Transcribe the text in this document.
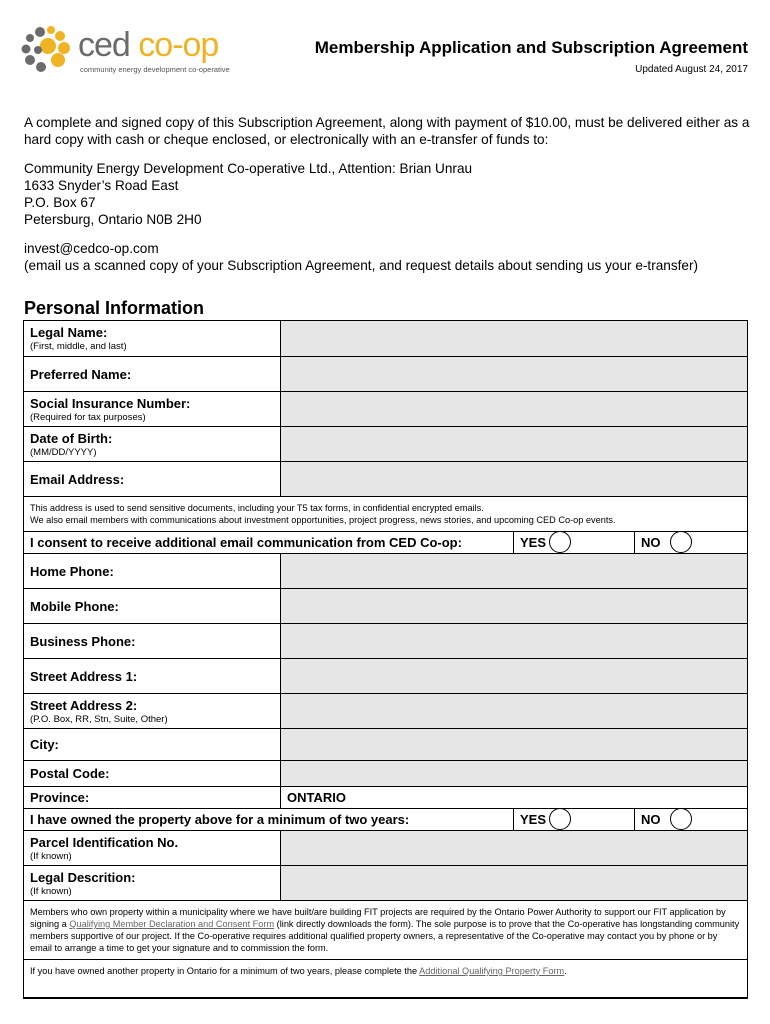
ced co-op
community energy development co-operative
Membership Application and Subscription Agreement
Updated August 24, 2017

A complete and signed copy of this Subscription Agreement, along with payment of $10.00, must be delivered either as a hard copy with cash or cheque enclosed, or electronically with an e-transfer of funds to:

Community Energy Development Co-operative Ltd., Attention: Brian Unrau
1633 Snyder’s Road East
P.O. Box 67
Petersburg, Ontario N0B 2H0
invest@cedco-op.com
(email us a scanned copy of your Subscription Agreement, and request details about sending us your e-transfer)
Personal Information
Legal Name:
(First, middle, and last)
Preferred Name:
Social Insurance Number:
(Required for tax purposes)
Date of Birth:
(MM/DD/YYYY)
Email Address:
This address is used to send sensitive documents, including your T5 tax forms, in confidential encrypted emails.
We also email members with communications about investment opportunities, project progress, news stories, and upcoming CED Co-op events.
I consent to receive additional email communication from CED Co-op:	YES	NO
Home Phone:
Mobile Phone:
Business Phone:
Street Address 1:
Street Address 2:
(P.O. Box, RR, Stn, Suite, Other)
City:
Postal Code:
Province:	ONTARIO
I have owned the property above for a minimum of two years:	YES	NO
Parcel Identification No.
(If known)
Legal Descrition:
(If known)
Members who own property within a municipality where we have built/are building FIT projects are required by the Ontario Power Authority to support our FIT application by signing a Qualifying Member Declaration and Consent Form (link directly downloads the form). The sole purpose is to prove that the Co-operative has longstanding community members supportive of our project. If the Co-operative requires additional qualified property owners, a representative of the Co-operative may contact you by phone or by email to arrange a time to get your signature and to commission the form.
If you have owned another property in Ontario for a minimum of two years, please complete the Additional Qualifying Property Form.
